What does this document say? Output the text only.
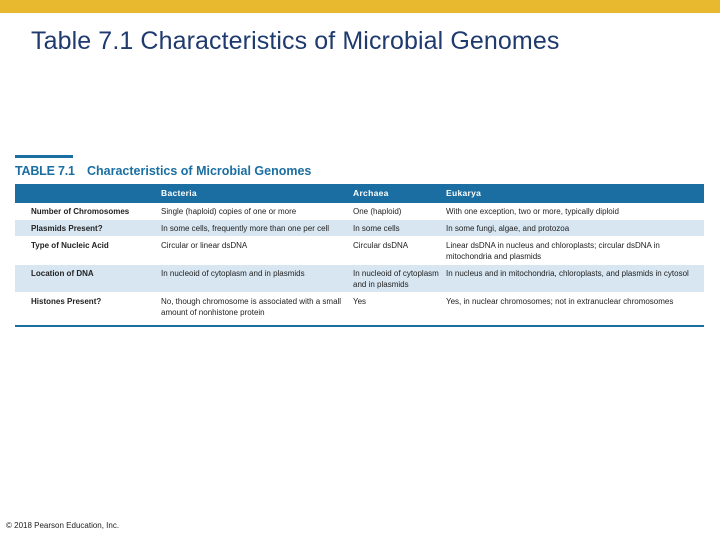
Table 7.1 Characteristics of Microbial Genomes
TABLE 7.1 Characteristics of Microbial Genomes
	Bacteria	Archaea	Eukarya
Number of Chromosomes	Single (haploid) copies of one or more	One (haploid)	With one exception, two or more, typically diploid
Plasmids Present?	In some cells, frequently more than one per cell	In some cells	In some fungi, algae, and protozoa
Type of Nucleic Acid	Circular or linear dsDNA	Circular dsDNA	Linear dsDNA in nucleus and chloroplasts; circular dsDNA in mitochondria and plasmids
Location of DNA	In nucleoid of cytoplasm and in plasmids	In nucleoid of cytoplasm and in plasmids	In nucleus and in mitochondria, chloroplasts, and plasmids in cytosol
Histones Present?	No, though chromosome is associated with a small amount of nonhistone protein	Yes	Yes, in nuclear chromosomes; not in extranuclear chromosomes
© 2018 Pearson Education, Inc.
